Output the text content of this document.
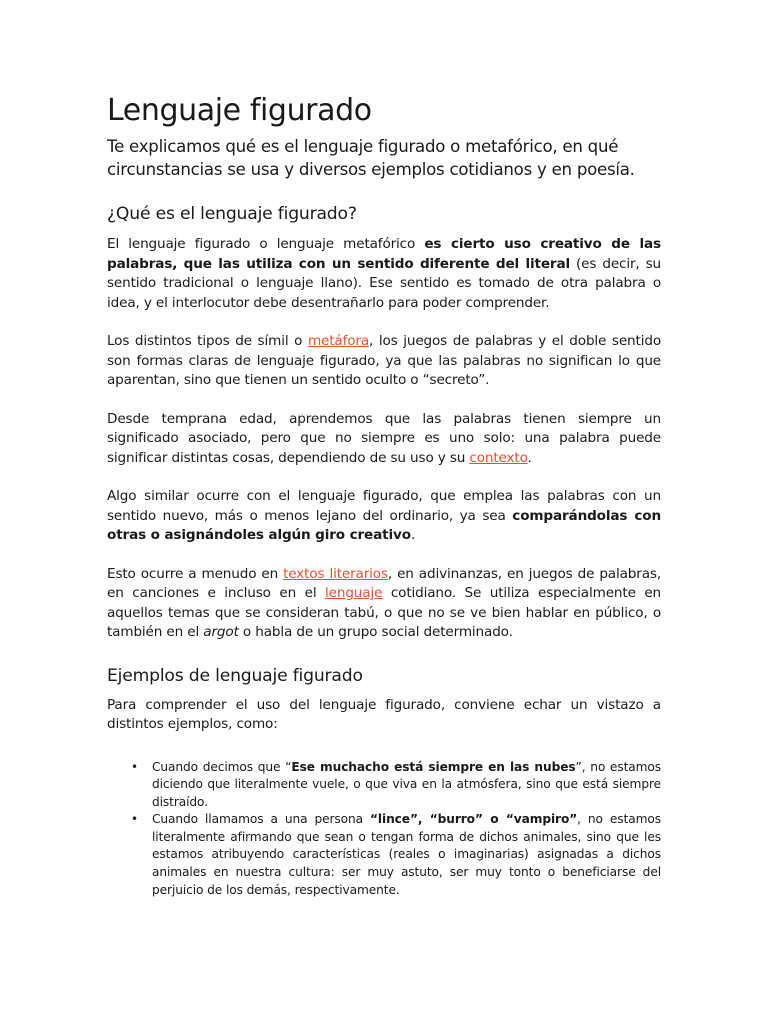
Lenguaje figurado

Te explicamos qué es el lenguaje figurado o metafórico, en qué circunstancias se usa y diversos ejemplos cotidianos y en poesía.

¿Qué es el lenguaje figurado?

El lenguaje figurado o lenguaje metafórico es cierto uso creativo de las palabras, que las utiliza con un sentido diferente del literal (es decir, su sentido tradicional o lenguaje llano). Ese sentido es tomado de otra palabra o idea, y el interlocutor debe desentrañarlo para poder comprender.

Los distintos tipos de símil o metáfora, los juegos de palabras y el doble sentido son formas claras de lenguaje figurado, ya que las palabras no significan lo que aparentan, sino que tienen un sentido oculto o “secreto”.

Desde temprana edad, aprendemos que las palabras tienen siempre un significado asociado, pero que no siempre es uno solo: una palabra puede significar distintas cosas, dependiendo de su uso y su contexto.

Algo similar ocurre con el lenguaje figurado, que emplea las palabras con un sentido nuevo, más o menos lejano del ordinario, ya sea comparándolas con otras o asignándoles algún giro creativo.

Esto ocurre a menudo en textos literarios, en adivinanzas, en juegos de palabras, en canciones e incluso en el lenguaje cotidiano. Se utiliza especialmente en aquellos temas que se consideran tabú, o que no se ve bien hablar en público, o también en el argot o habla de un grupo social determinado.

Ejemplos de lenguaje figurado

Para comprender el uso del lenguaje figurado, conviene echar un vistazo a distintos ejemplos, como:

• Cuando decimos que “Ese muchacho está siempre en las nubes”, no estamos diciendo que literalmente vuele, o que viva en la atmósfera, sino que está siempre distraído.
• Cuando llamamos a una persona “lince”, “burro” o “vampiro”, no estamos literalmente afirmando que sean o tengan forma de dichos animales, sino que les estamos atribuyendo características (reales o imaginarias) asignadas a dichos animales en nuestra cultura: ser muy astuto, ser muy tonto o beneficiarse del perjuicio de los demás, respectivamente.
